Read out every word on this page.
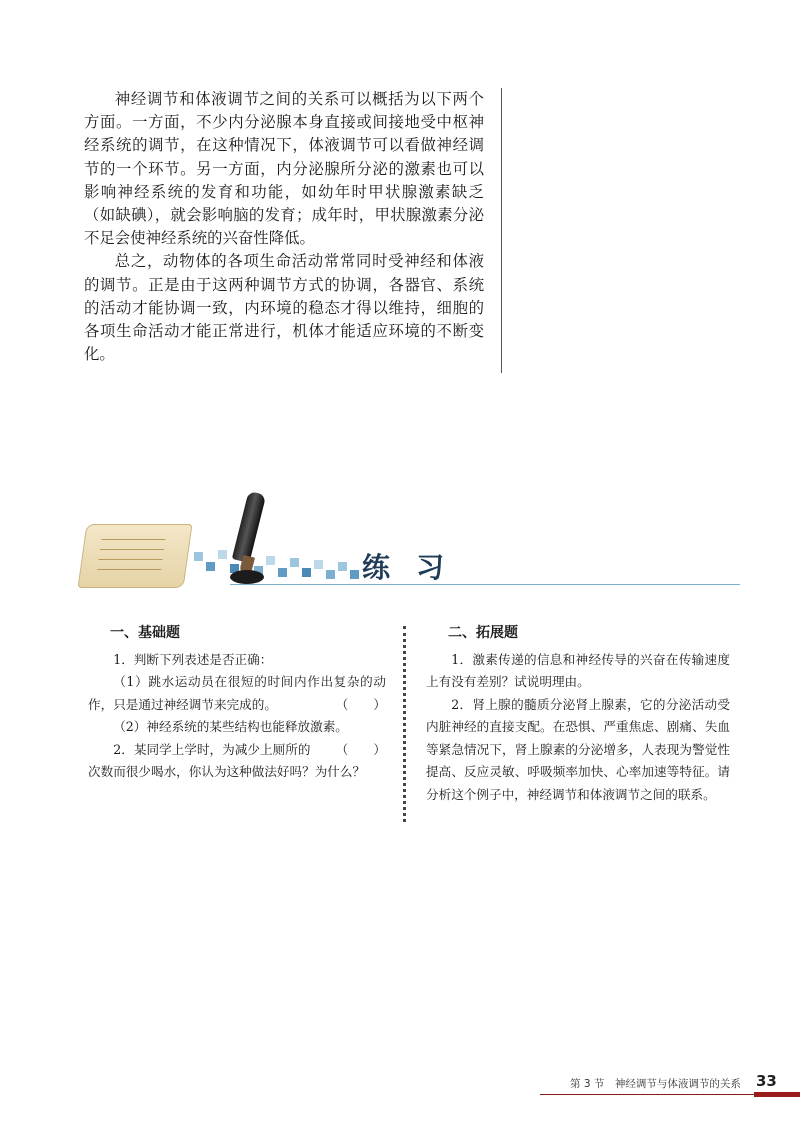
神经调节和体液调节之间的关系可以概括为以下两个方面。一方面，不少内分泌腺本身直接或间接地受中枢神经系统的调节，在这种情况下，体液调节可以看做神经调节的一个环节。另一方面，内分泌腺所分泌的激素也可以影响神经系统的发育和功能，如幼年时甲状腺激素缺乏（如缺碘），就会影响脑的发育；成年时，甲状腺激素分泌不足会使神经系统的兴奋性降低。

总之，动物体的各项生命活动常常同时受神经和体液的调节。正是由于这两种调节方式的协调，各器官、系统的活动才能协调一致，内环境的稳态才得以维持，细胞的各项生命活动才能正常进行，机体才能适应环境的不断变化。

练习
一、基础题

1．判断下列表述是否正确：

（1）跳水运动员在很短的时间内作出复杂的动作，只是通过神经调节来完成的。	（　　）

（2）神经系统的某些结构也能释放激素。
（　　）

2．某同学上学时，为减少上厕所的次数而很少喝水，你认为这种做法好吗？为什么？

二、拓展题

1．激素传递的信息和神经传导的兴奋在传输速度上有没有差别？试说明理由。

2．肾上腺的髓质分泌肾上腺素，它的分泌活动受内脏神经的直接支配。在恐惧、严重焦虑、剧痛、失血等紧急情况下，肾上腺素的分泌增多，人表现为警觉性提高、反应灵敏、呼吸频率加快、心率加速等特征。请分析这个例子中，神经调节和体液调节之间的联系。

第 3 节　神经调节与体液调节的关系 33
